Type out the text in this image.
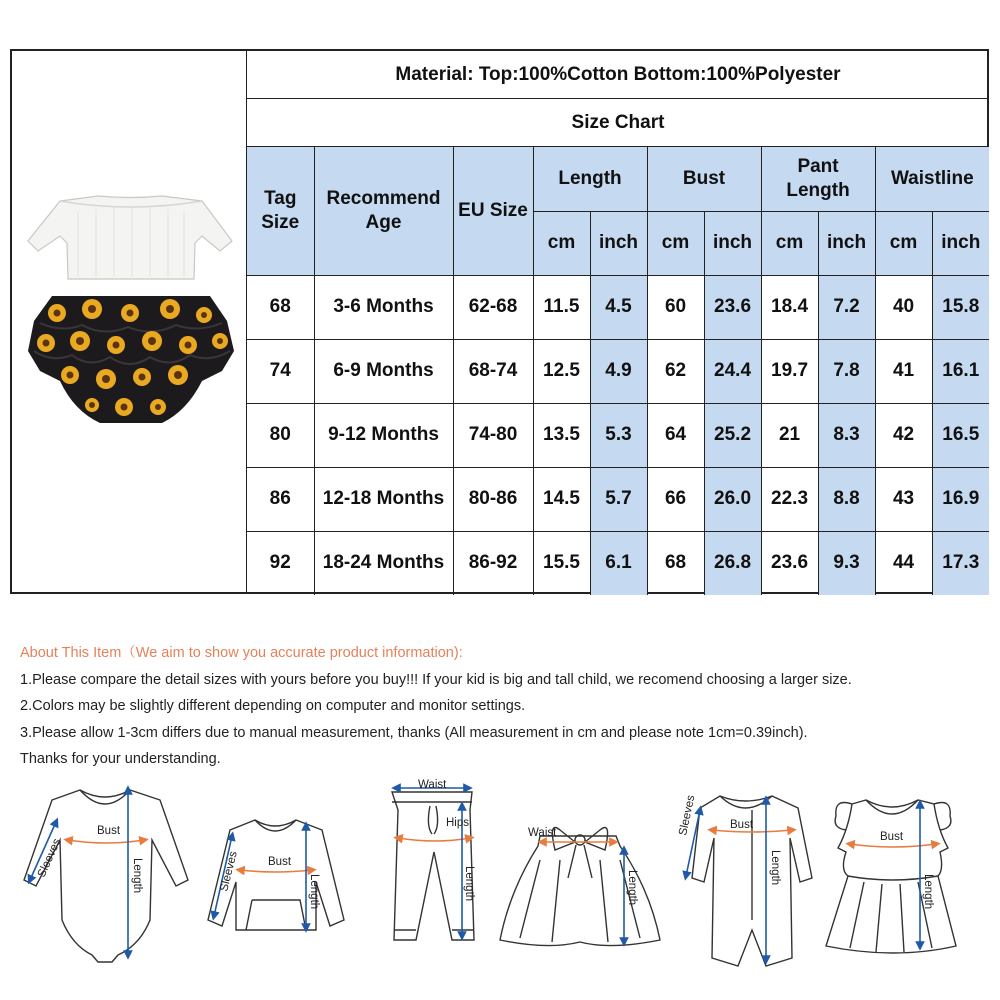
Material: Top:100%Cotton Bottom:100%Polyester
Size Chart
Tag Size	Recommend Age	EU Size	Length		Bust		Pant Length		Waistline	
			cm	inch	cm	inch	cm	inch	cm	inch
68	3-6 Months	62-68	11.5	4.5	60	23.6	18.4	7.2	40	15.8
74	6-9 Months	68-74	12.5	4.9	62	24.4	19.7	7.8	41	16.1
80	9-12 Months	74-80	13.5	5.3	64	25.2	21	8.3	42	16.5
86	12-18 Months	80-86	14.5	5.7	66	26.0	22.3	8.8	43	16.9
92	18-24 Months	86-92	15.5	6.1	68	26.8	23.6	9.3	44	17.3
About This Item（We aim to show you accurate product information):
1.Please compare the detail sizes with yours before you buy!!! If your kid is big and tall child, we recomend choosing a larger size.
2.Colors may be slightly different depending on computer and monitor settings.
3.Please allow 1-3cm differs due to manual measurement, thanks (All measurement in cm and please note 1cm=0.39inch).
Thanks for your understanding.
Sleeves
Bust
Length	Sleeves Bust
Length
Waist
Hips
Length
Waist
Length
Sleeves	Bust
Length
Bust
Length
